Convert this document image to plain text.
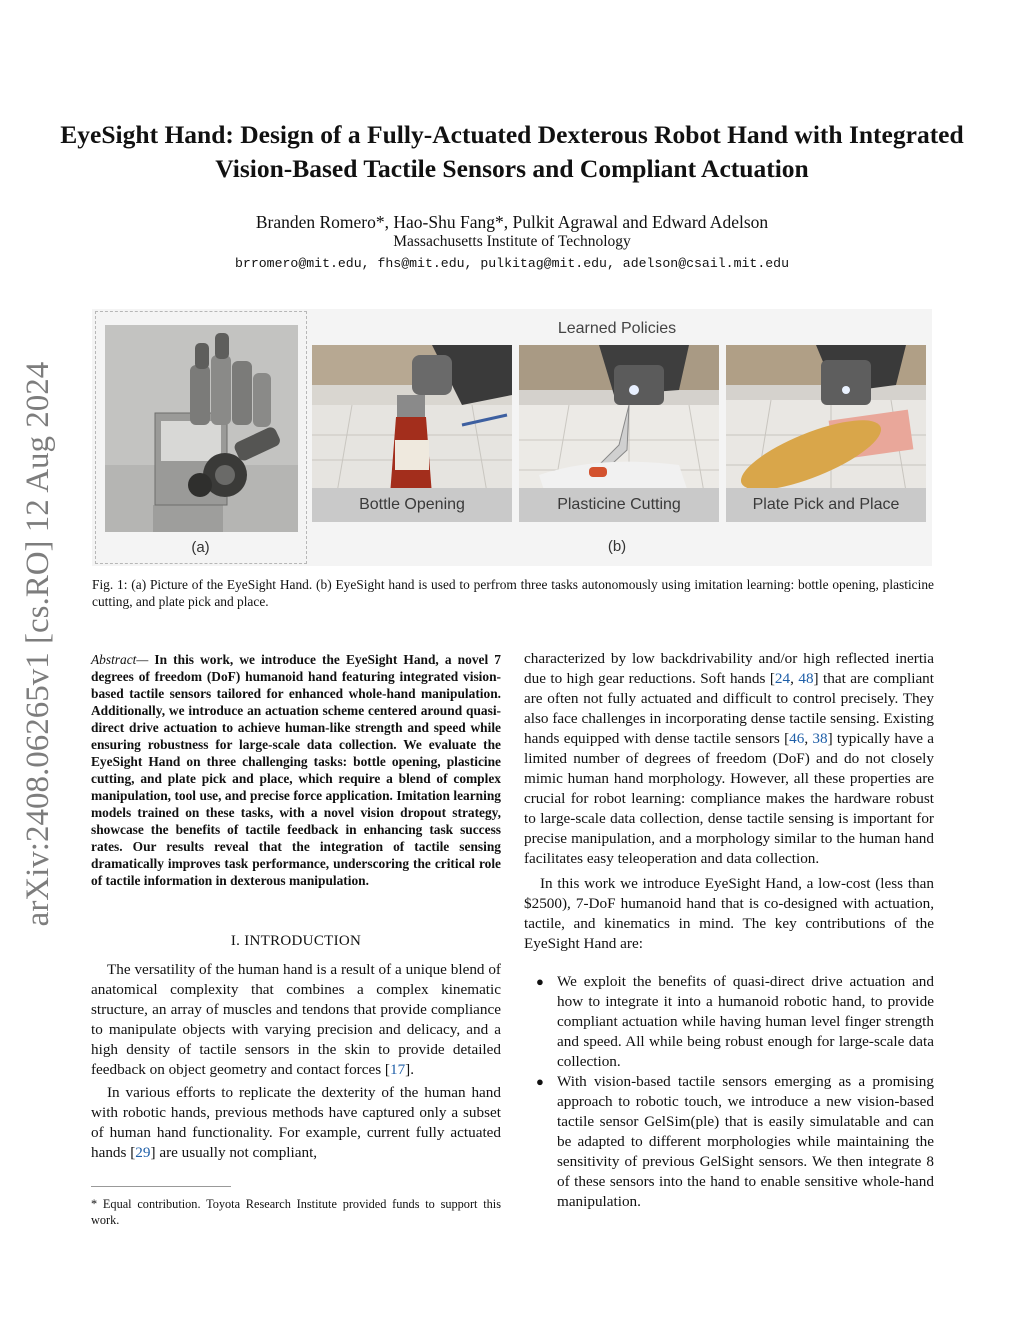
arXiv:2408.06265v1 [cs.RO] 12 Aug 2024
EyeSight Hand: Design of a Fully-Actuated Dexterous Robot Hand with Integrated Vision-Based Tactile Sensors and Compliant Actuation
Branden Romero*, Hao-Shu Fang*, Pulkit Agrawal and Edward Adelson
Massachusetts Institute of Technology
brromero@mit.edu, fhs@mit.edu, pulkitag@mit.edu, adelson@csail.mit.edu
(a)
Learned Policies
Bottle Opening	Plasticine Cutting	Plate Pick and Place
(b)
Fig. 1: (a) Picture of the EyeSight Hand. (b) EyeSight hand is used to perfrom three tasks autonomously using imitation learning: bottle opening, plasticine cutting, and plate pick and place.
Abstract— In this work, we introduce the EyeSight Hand, a novel 7 degrees of freedom (DoF) humanoid hand featuring integrated vision-based tactile sensors tailored for enhanced whole-hand manipulation. Additionally, we introduce an actuation scheme centered around quasi-direct drive actuation to achieve human-like strength and speed while ensuring robustness for large-scale data collection. We evaluate the EyeSight Hand on three challenging tasks: bottle opening, plasticine cutting, and plate pick and place, which require a blend of complex manipulation, tool use, and precise force application. Imitation learning models trained on these tasks, with a novel vision dropout strategy, showcase the benefits of tactile feedback in enhancing task success rates. Our results reveal that the integration of tactile sensing dramatically improves task performance, underscoring the critical role of tactile information in dexterous manipulation.
I. INTRODUCTION

The versatility of the human hand is a result of a unique blend of anatomical complexity that combines a complex kinematic structure, an array of muscles and tendons that provide compliance to manipulate objects with varying precision and delicacy, and a high density of tactile sensors in the skin to provide detailed feedback on object geometry and contact forces [17].

In various efforts to replicate the dexterity of the human hand with robotic hands, previous methods have captured only a subset of human hand functionality. For example, current fully actuated hands [29] are usually not compliant,

* Equal contribution. Toyota Research Institute provided funds to support this work.

characterized by low backdrivability and/or high reflected inertia due to high gear reductions. Soft hands [24, 48] that are compliant are often not fully actuated and difficult to control precisely. They also face challenges in incorporating dense tactile sensing. Existing hands equipped with dense tactile sensors [46, 38] typically have a limited number of degrees of freedom (DoF) and do not closely mimic human hand morphology. However, all these properties are crucial for robot learning: compliance makes the hardware robust to large-scale data collection, dense tactile sensing is important for precise manipulation, and a morphology similar to the human hand facilitates easy teleoperation and data collection.

In this work we introduce EyeSight Hand, a low-cost (less than $2500), 7-DoF humanoid hand that is co-designed with actuation, tactile, and kinematics in mind. The key contributions of the EyeSight Hand are:

● We exploit the benefits of quasi-direct drive actuation and how to integrate it into a humanoid robotic hand, to provide compliant actuation while having human level finger strength and speed. All while being robust enough for large-scale data collection.
● With vision-based tactile sensors emerging as a promising approach to robotic touch, we introduce a new vision-based tactile sensor GelSim(ple) that is easily simulatable and can be adapted to different morphologies while maintaining the sensitivity of previous GelSight sensors. We then integrate 8 of these sensors into the hand to enable sensitive whole-hand manipulation.
